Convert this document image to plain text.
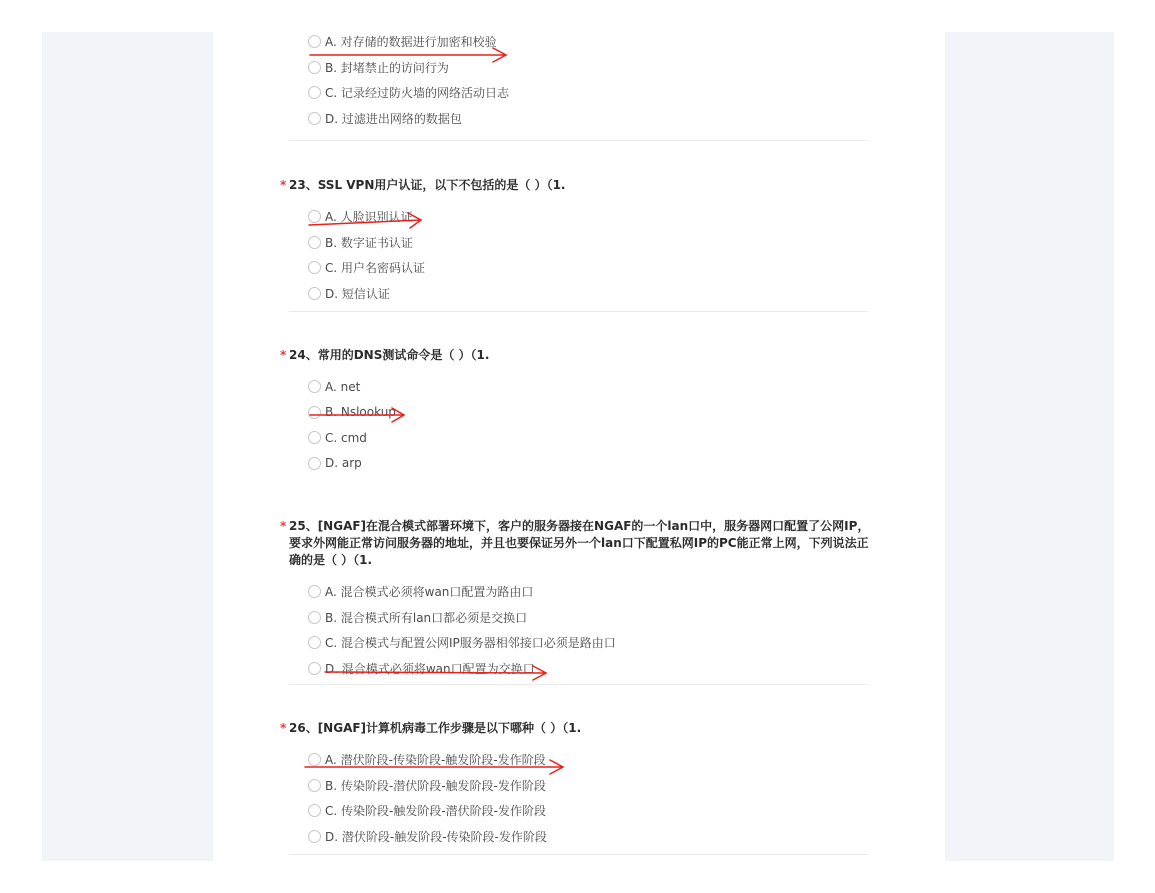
A. 对存储的数据进行加密和校验
B. 封堵禁止的访问行为
C. 记录经过防火墙的网络活动日志
D. 过滤进出网络的数据包
* 23、SSL VPN用户认证，以下不包括的是（ ）（1.
A. 人脸识别认证
B. 数字证书认证
C. 用户名密码认证
D. 短信认证
* 24、常用的DNS测试命令是（ ）（1.
A. net
B. Nslookup
C. cmd
D. arp
* 25、[NGAF]在混合模式部署环境下，客户的服务器接在NGAF的一个lan口中，服务器网口配置了公网IP，要求外网能正常访问服务器的地址，并且也要保证另外一个lan口下配置私网IP的PC能正常上网，下列说法正确的是（ ）（1.
A. 混合模式必须将wan口配置为路由口
B. 混合模式所有lan口都必须是交换口
C. 混合模式与配置公网IP服务器相邻接口必须是路由口
D. 混合模式必须将wan口配置为交换口
* 26、[NGAF]计算机病毒工作步骤是以下哪种（ ）（1.
A. 潜伏阶段-传染阶段-触发阶段-发作阶段
B. 传染阶段-潜伏阶段-触发阶段-发作阶段
C. 传染阶段-触发阶段-潜伏阶段-发作阶段
D. 潜伏阶段-触发阶段-传染阶段-发作阶段
